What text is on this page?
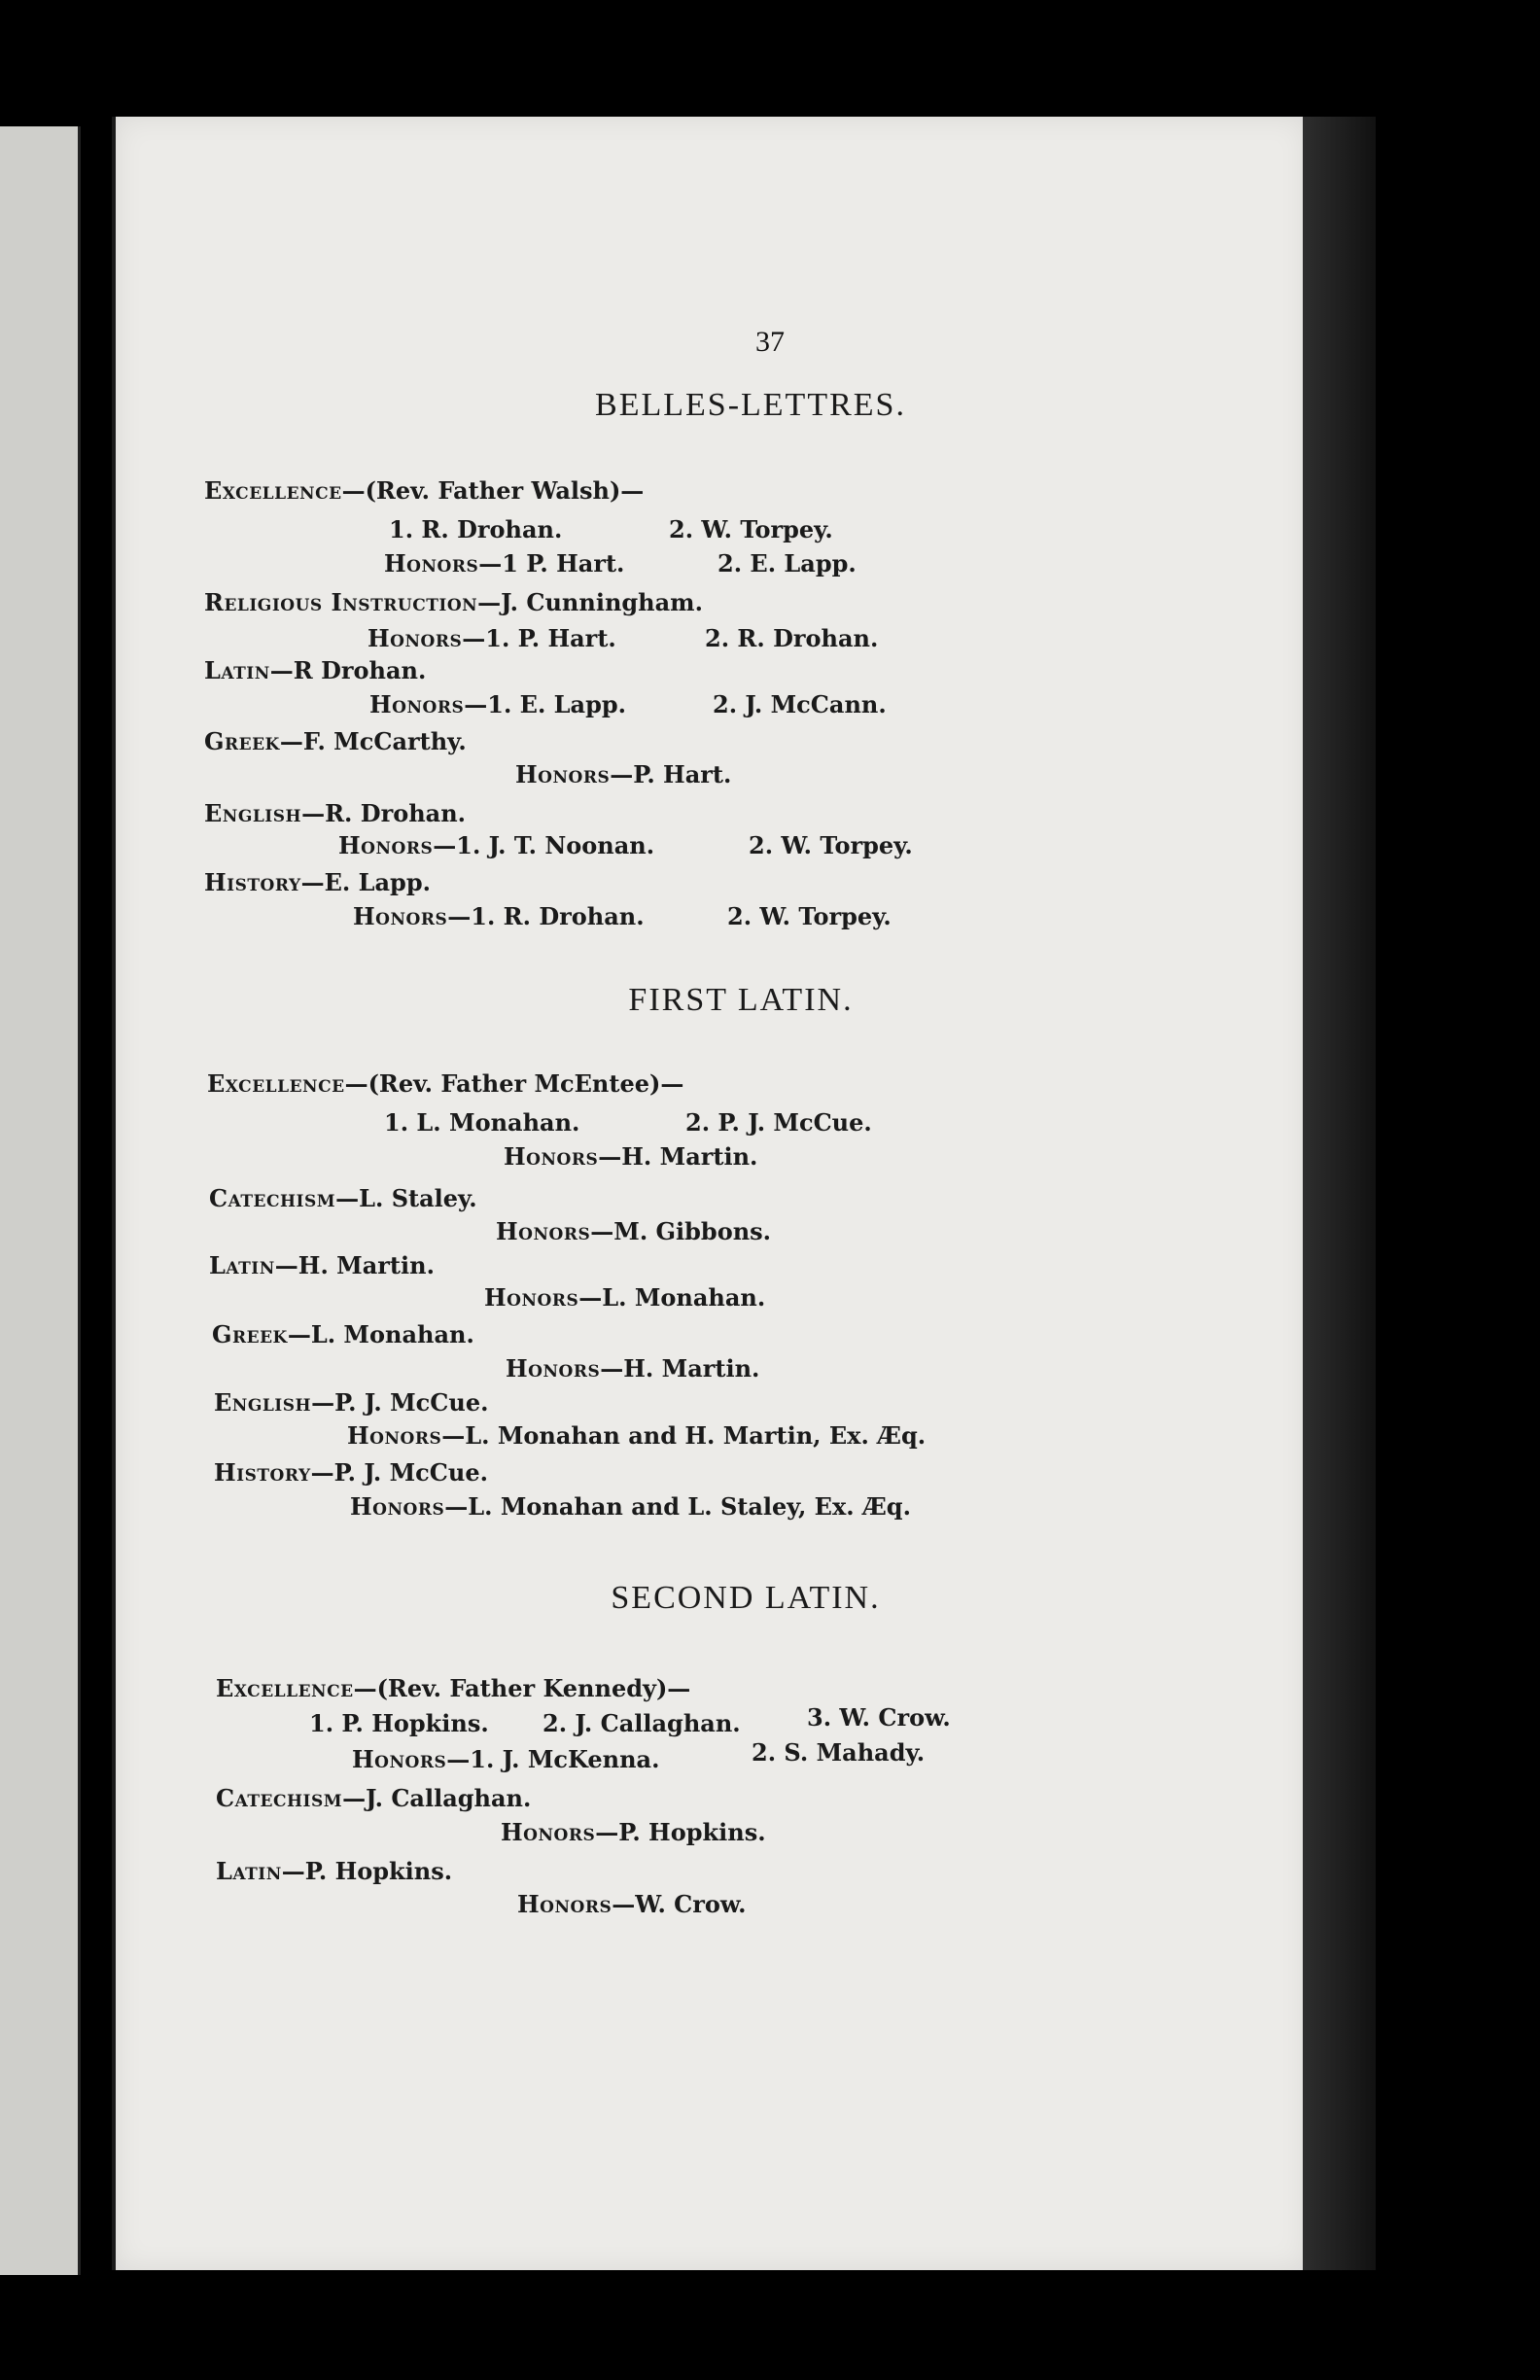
37
BELLES-LETTRES.
Excellence—(Rev. Father Walsh)—
1. R. Drohan.	2. W. Torpey.
Honors—1 P. Hart.	2. E. Lapp.
Religious Instruction—J. Cunningham.
Honors—1. P. Hart.	2. R. Drohan.
Latin—R Drohan.
Honors—1. E. Lapp.	2. J. McCann.
Greek—F. McCarthy.
Honors—P. Hart.
English—R. Drohan.
Honors—1. J. T. Noonan.	2. W. Torpey.
History—E. Lapp.
Honors—1. R. Drohan.	2. W. Torpey.
FIRST LATIN.
Excellence—(Rev. Father McEntee)—
1. L. Monahan.	2. P. J. McCue.
Honors—H. Martin.
Catechism—L. Staley.
Honors—M. Gibbons.
Latin—H. Martin.
Honors—L. Monahan.
Greek—L. Monahan.
Honors—H. Martin.
English—P. J. McCue.
Honors—L. Monahan and H. Martin, Ex. Æq.
History—P. J. McCue.
Honors—L. Monahan and L. Staley, Ex. Æq.
SECOND LATIN.
Excellence—(Rev. Father Kennedy)—
1. P. Hopkins. 2. J. Callaghan.	3. W. Crow.
Honors—1. J. McKenna.	2. S. Mahady.
Catechism—J. Callaghan.
Honors—P. Hopkins.
Latin—P. Hopkins.
Honors—W. Crow.
